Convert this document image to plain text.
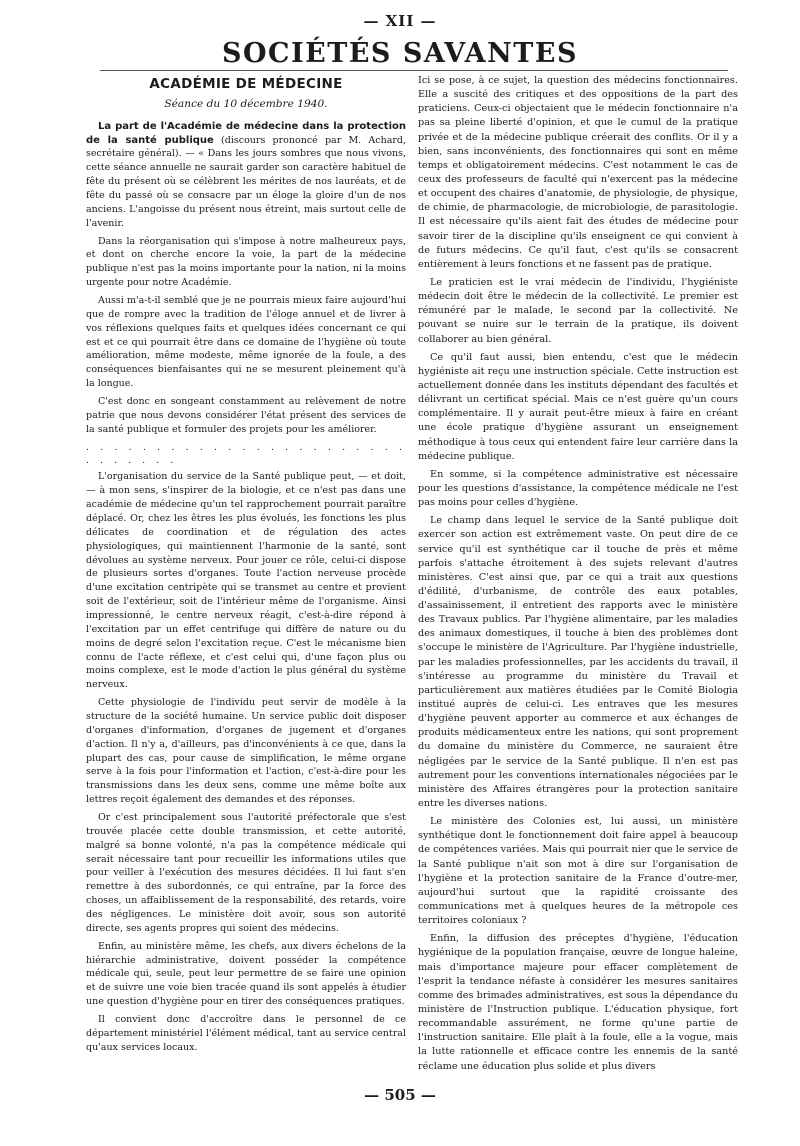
— XII —
SOCIÉTÉS SAVANTES
ACADÉMIE DE MÉDECINE
Séance du 10 décembre 1940.

La part de l'Académie de médecine dans la protection de la santé publique (discours prononcé par M. Achard, secrétaire général). — « Dans les jours sombres que nous vivons, cette séance annuelle ne saurait garder son caractère habituel de fête du présent où se célèbrent les mérites de nos lauréats, et de fête du passé où se consacre par un éloge la gloire d'un de nos anciens. L'angoisse du présent nous étreint, mais surtout celle de l'avenir.

Dans la réorganisation qui s'impose à notre malheureux pays, et dont on cherche encore la voie, la part de la médecine publique n'est pas la moins importante pour la nation, ni la moins urgente pour notre Académie.

Aussi m'a-t-il semblé que je ne pourrais mieux faire aujourd'hui que de rompre avec la tradition de l'éloge annuel et de livrer à vos réflexions quelques faits et quelques idées concernant ce qui est et ce qui pourrait être dans ce domaine de l'hygiène où toute amélioration, même modeste, même ignorée de la foule, a des conséquences bienfaisantes qui ne se mesurent pleinement qu'à la longue.

C'est donc en songeant constamment au relèvement de notre patrie que nous devons considérer l'état présent des services de la santé publique et formuler des projets pour les améliorer.

. . . . . . . . . . . . . . . . . . . . . . . . . . . . . .

L'organisation du service de la Santé publique peut, — et doit, — à mon sens, s'inspirer de la biologie, et ce n'est pas dans une académie de médecine qu'un tel rapprochement pourrait paraître déplacé. Or, chez les êtres les plus évolués, les fonctions les plus délicates de coordination et de régulation des actes physiologiques, qui maintiennent l'harmonie de la santé, sont dévolues au système nerveux. Pour jouer ce rôle, celui-ci dispose de plusieurs sortes d'organes. Toute l'action nerveuse procède d'une excitation centripète qui se transmet au centre et provient soit de l'extérieur, soit de l'intérieur même de l'organisme. Ainsi impressionné, le centre nerveux réagit, c'est-à-dire répond à l'excitation par un effet centrifuge qui diffère de nature ou du moins de degré selon l'excitation reçue. C'est le mécanisme bien connu de l'acte réflexe, et c'est celui qui, d'une façon plus ou moins complexe, est le mode d'action le plus général du système nerveux.

Cette physiologie de l'individu peut servir de modèle à la structure de la société humaine. Un service public doit disposer d'organes d'information, d'organes de jugement et d'organes d'action. Il n'y a, d'ailleurs, pas d'inconvénients à ce que, dans la plupart des cas, pour cause de simplification, le même organe serve à la fois pour l'information et l'action, c'est-à-dire pour les transmissions dans les deux sens, comme une même boîte aux lettres reçoit également des demandes et des réponses.

Or c'est principalement sous l'autorité préfectorale que s'est trouvée placée cette double transmission, et cette autorité, malgré sa bonne volonté, n'a pas la compétence médicale qui serait nécessaire tant pour recueillir les informations utiles que pour veiller à l'exécution des mesures décidées. Il lui faut s'en remettre à des subordonnés, ce qui entraîne, par la force des choses, un affaiblissement de la responsabilité, des retards, voire des négligences. Le ministère doit avoir, sous son autorité directe, ses agents propres qui soient des médecins.

Enfin, au ministère même, les chefs, aux divers échelons de la hiérarchie administrative, doivent posséder la compétence médicale qui, seule, peut leur permettre de se faire une opinion et de suivre une voie bien tracée quand ils sont appelés à étudier une question d'hygiène pour en tirer des conséquences pratiques.

Il convient donc d'accroître dans le personnel de ce département ministériel l'élément médical, tant au service central qu'aux services locaux.

Ici se pose, à ce sujet, la question des médecins fonctionnaires. Elle a suscité des critiques et des oppositions de la part des praticiens. Ceux-ci objectaient que le médecin fonctionnaire n'a pas sa pleine liberté d'opinion, et que le cumul de la pratique privée et de la médecine publique créerait des conflits. Or il y a bien, sans inconvénients, des fonctionnaires qui sont en même temps et obligatoirement médecins. C'est notamment le cas de ceux des professeurs de faculté qui n'exercent pas la médecine et occupent des chaires d'anatomie, de physiologie, de physique, de chimie, de pharmacologie, de microbiologie, de parasitologie. Il est nécessaire qu'ils aient fait des études de médecine pour savoir tirer de la discipline qu'ils enseignent ce qui convient à de futurs médecins. Ce qu'il faut, c'est qu'ils se consacrent entièrement à leurs fonctions et ne fassent pas de pratique.

Le praticien est le vrai médecin de l'individu, l'hygiéniste médecin doit être le médecin de la collectivité. Le premier est rémunéré par le malade, le second par la collectivité. Ne pouvant se nuire sur le terrain de la pratique, ils doivent collaborer au bien général.

Ce qu'il faut aussi, bien entendu, c'est que le médecin hygiéniste ait reçu une instruction spéciale. Cette instruction est actuellement donnée dans les instituts dépendant des facultés et délivrant un certificat spécial. Mais ce n'est guère qu'un cours complémentaire. Il y aurait peut-être mieux à faire en créant une école pratique d'hygiène assurant un enseignement méthodique à tous ceux qui entendent faire leur carrière dans la médecine publique.

En somme, si la compétence administrative est nécessaire pour les questions d'assistance, la compétence médicale ne l'est pas moins pour celles d'hygiène.

Le champ dans lequel le service de la Santé publique doit exercer son action est extrêmement vaste. On peut dire de ce service qu'il est synthétique car il touche de près et même parfois s'attache étroitement à des sujets relevant d'autres ministères. C'est ainsi que, par ce qui a trait aux questions d'édilité, d'urbanisme, de contrôle des eaux potables, d'assainissement, il entretient des rapports avec le ministère des Travaux publics. Par l'hygiène alimentaire, par les maladies des animaux domestiques, il touche à bien des problèmes dont s'occupe le ministère de l'Agriculture. Par l'hygiène industrielle, par les maladies professionnelles, par les accidents du travail, il s'intéresse au programme du ministère du Travail et particulièrement aux matières étudiées par le Comité Biologia institué auprès de celui-ci. Les entraves que les mesures d'hygiène peuvent apporter au commerce et aux échanges de produits médicamenteux entre les nations, qui sont proprement du domaine du ministère du Commerce, ne sauraient être négligées par le service de la Santé publique. Il n'en est pas autrement pour les conventions internationales négociées par le ministère des Affaires étrangères pour la protection sanitaire entre les diverses nations.

Le ministère des Colonies est, lui aussi, un ministère synthétique dont le fonctionnement doit faire appel à beaucoup de compétences variées. Mais qui pourrait nier que le service de la Santé publique n'ait son mot à dire sur l'organisation de l'hygiène et la protection sanitaire de la France d'outre-mer, aujourd'hui surtout que la rapidité croissante des communications met à quelques heures de la métropole ces territoires coloniaux ?

Enfin, la diffusion des préceptes d'hygiène, l'éducation hygiénique de la population française, œuvre de longue haleine, mais d'importance majeure pour effacer complètement de l'esprit la tendance néfaste à considérer les mesures sanitaires comme des brimades administratives, est sous la dépendance du ministère de l'Instruction publique. L'éducation physique, fort recommandable assurément, ne forme qu'une partie de l'instruction sanitaire. Elle plaît à la foule, elle a la vogue, mais la lutte rationnelle et efficace contre les ennemis de la santé réclame une éducation plus solide et plus divers

— 505 —
